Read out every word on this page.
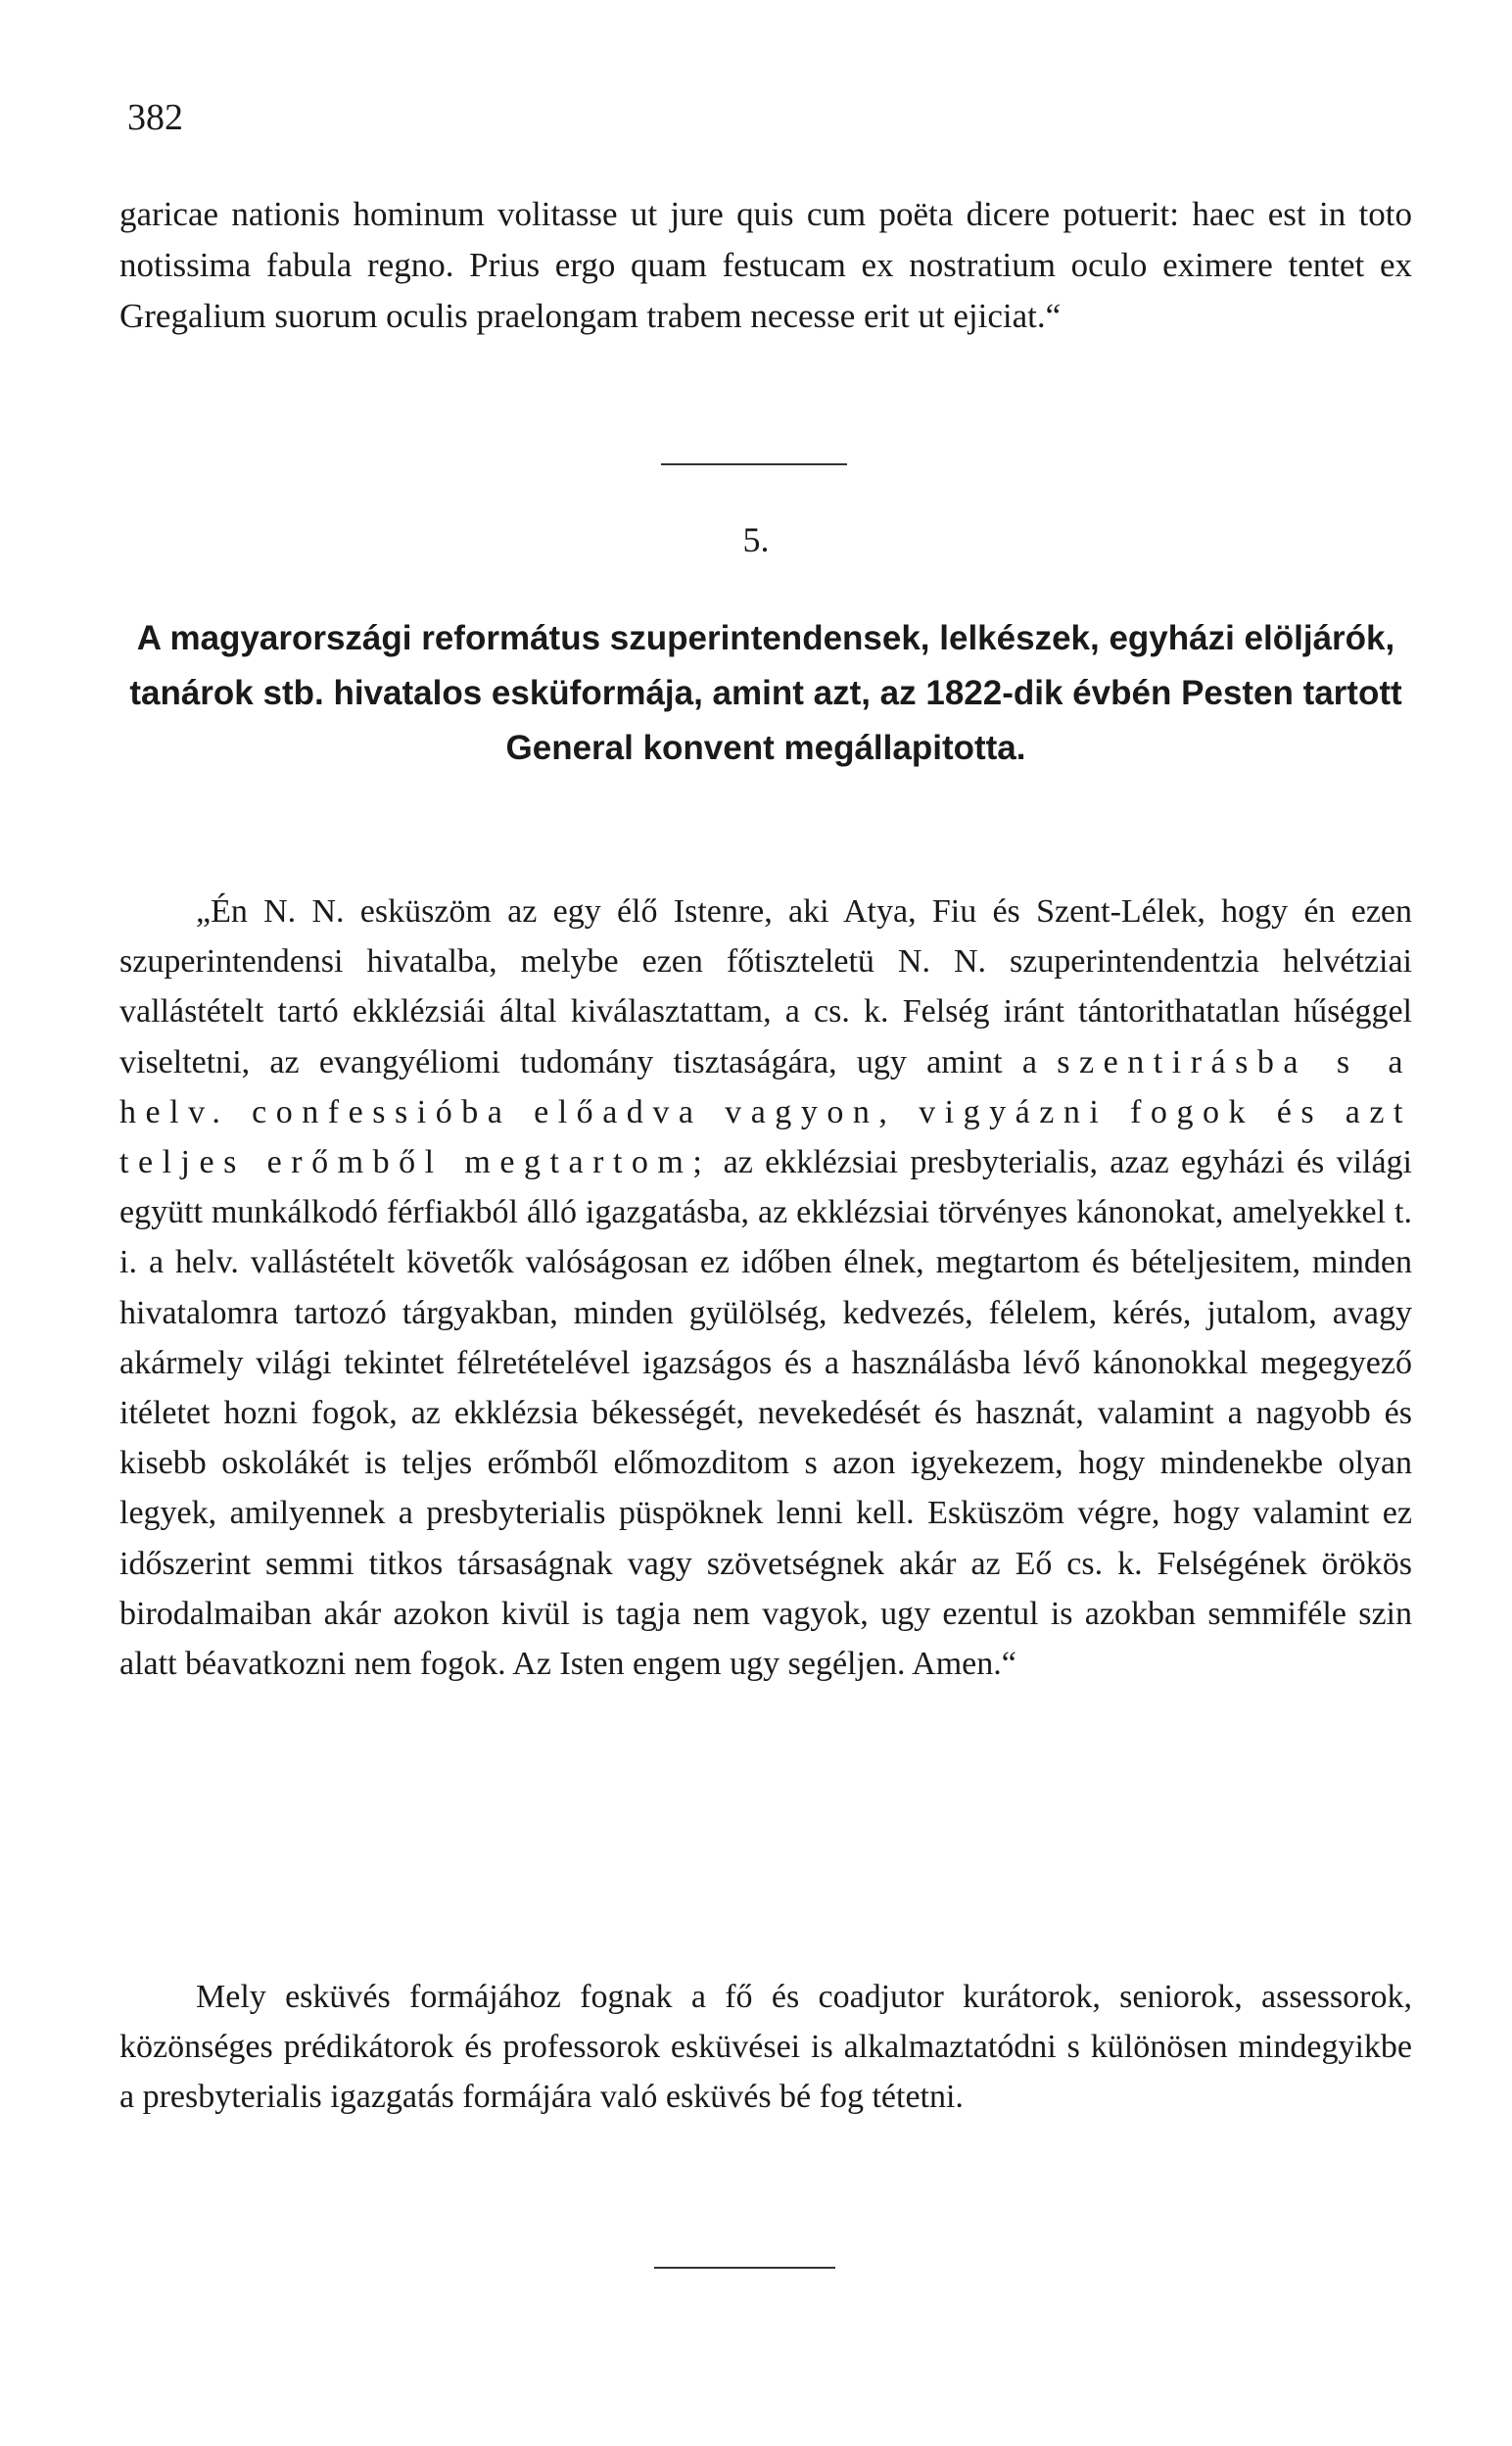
382

garicae nationis hominum volitasse ut jure quis cum poëta dicere potuerit: haec est in toto notissima fabula regno. Prius ergo quam festucam ex nostratium oculo eximere tentet ex Gregalium suorum oculis praelongam trabem necesse erit ut ejiciat.“

5.
A magyarországi református szuperintendensek, lelkészek, egyházi elöljárók, tanárok stb. hivatalos esküformája, amint azt, az 1822-dik évbén Pesten tartott General konvent megállapitotta.

„Én N. N. esküszöm az egy élő Istenre, aki Atya, Fiu és Szent-Lélek, hogy én ezen szuperintendensi hivatalba, melybe ezen főtiszteletü N. N. szuperintendentzia helvétziai vallástételt tartó ekklézsiái által kiválasztattam, a cs. k. Felség iránt tántorithatatlan hűséggel viseltetni, az evangyéliomi tudomány tisztaságára, ugy amint a szentirásba s a helv. confessióba előadva vagyon, vigyázni fogok és azt teljes erőmből megtartom; az ekklézsiai presbyterialis, azaz egyházi és világi együtt munkálkodó férfiakból álló igazgatásba, az ekklézsiai törvényes kánonokat, amelyekkel t. i. a helv. vallástételt követők valóságosan ez időben élnek, megtartom és bételjesitem, minden hivatalomra tartozó tárgyakban, minden gyülölség, kedvezés, félelem, kérés, jutalom, avagy akármely világi tekintet félretételével igazságos és a használásba lévő kánonokkal megegyező itéletet hozni fogok, az ekklézsia békességét, nevekedését és hasznát, valamint a nagyobb és kisebb oskolákét is teljes erőmből előmozditom s azon igyekezem, hogy mindenekbe olyan legyek, amilyennek a presbyterialis püspöknek lenni kell. Esküszöm végre, hogy valamint ez időszerint semmi titkos társaságnak vagy szövetségnek akár az Eő cs. k. Felségének örökös birodalmaiban akár azokon kivül is tagja nem vagyok, ugy ezentul is azokban semmiféle szin alatt béavatkozni nem fogok. Az Isten engem ugy segéljen. Amen.“

Mely esküvés formájához fognak a fő és coadjutor kurátorok, seniorok, assessorok, közönséges prédikátorok és professorok esküvései is alkalmaztatódni s különösen mindegyikbe a presbyterialis igazgatás formájára való esküvés bé fog tétetni.
